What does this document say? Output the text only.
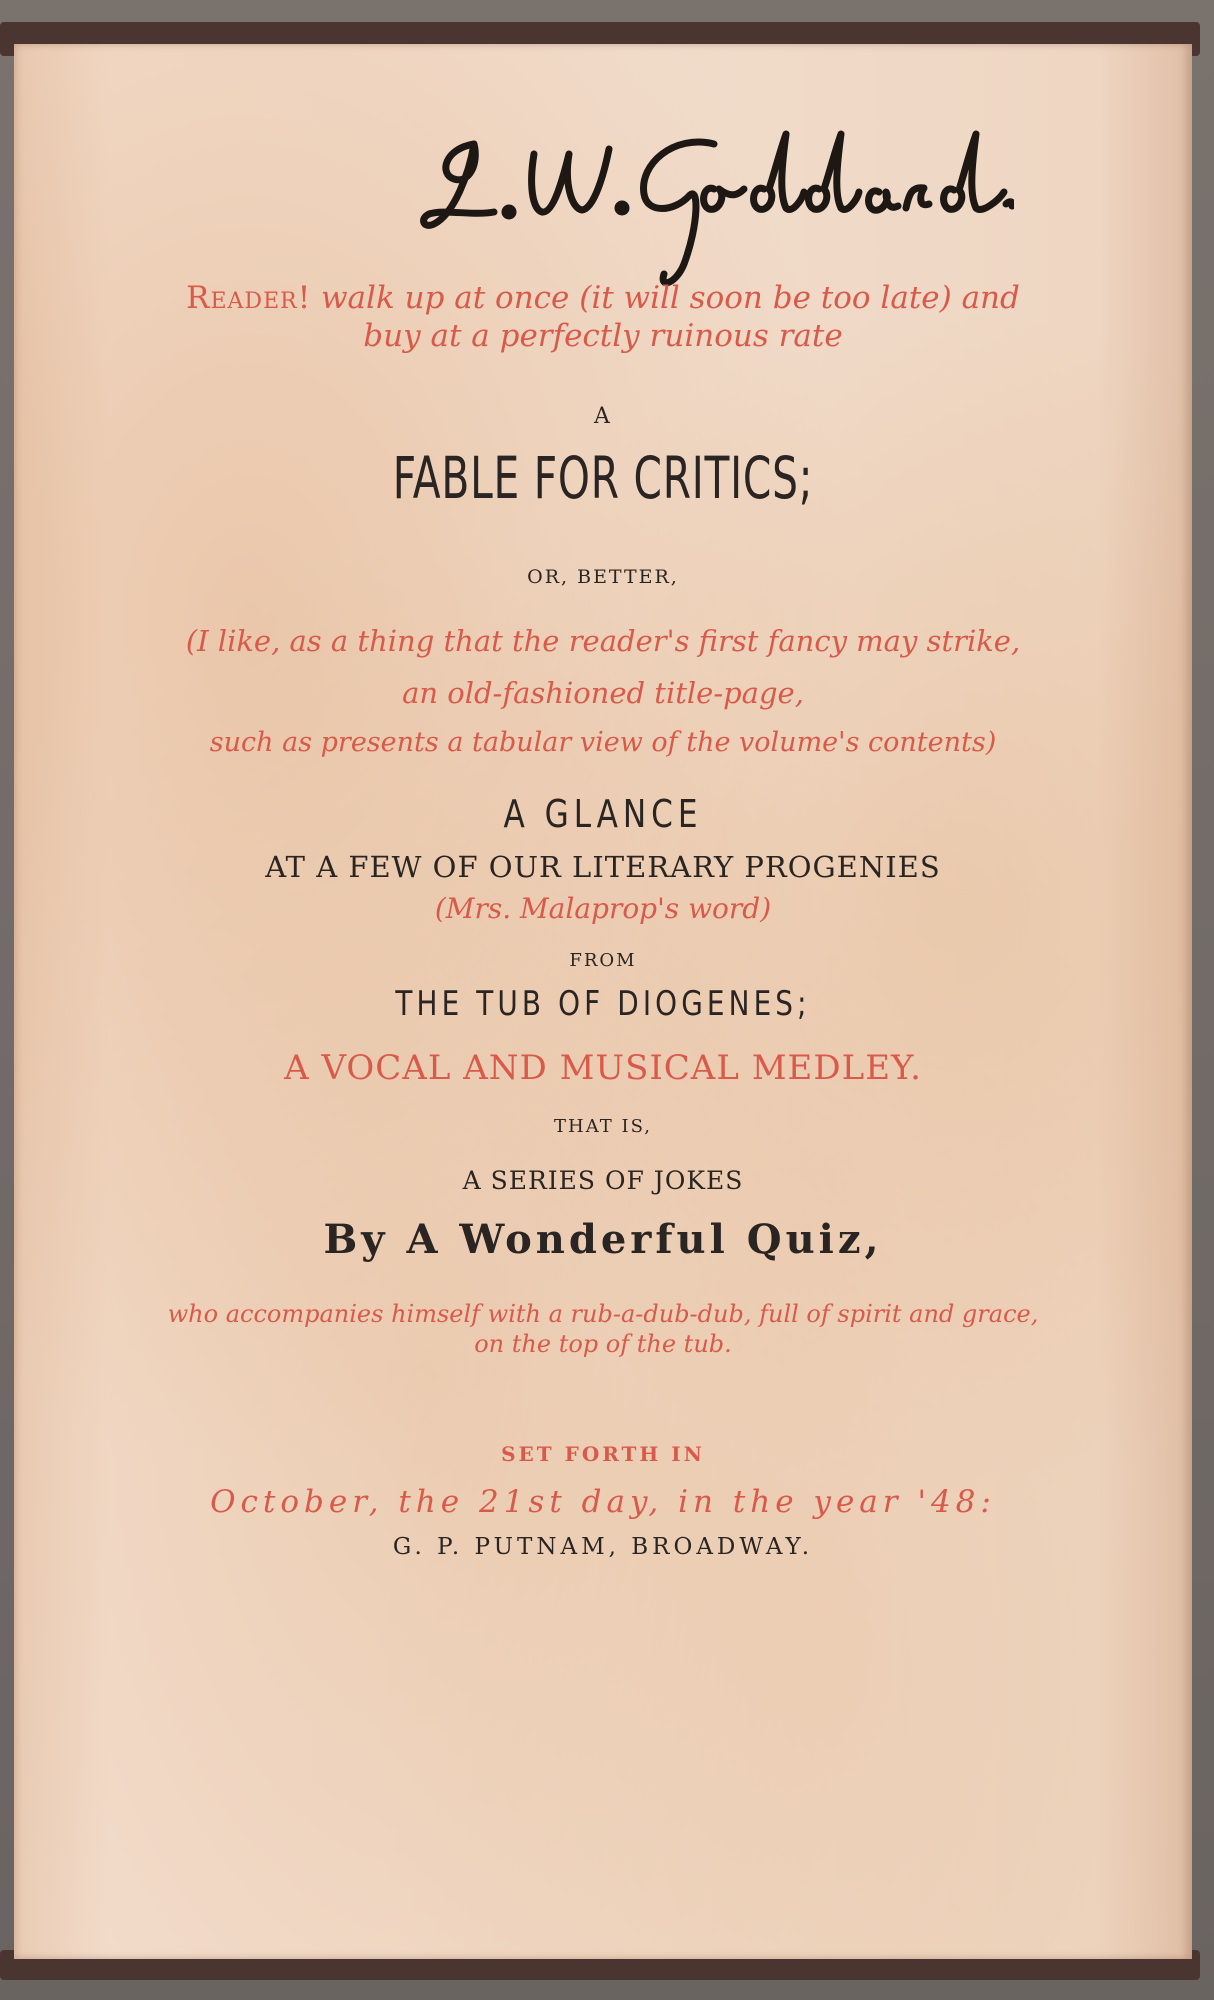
Reader! walk up at once (it will soon be too late) and
buy at a perfectly ruinous rate
A
FABLE FOR CRITICS;
OR, BETTER,
(I like, as a thing that the reader's first fancy may strike,
an old-fashioned title-page,
such as presents a tabular view of the volume's contents)
A GLANCE
AT A FEW OF OUR LITERARY PROGENIES
(Mrs. Malaprop's word)
FROM
THE TUB OF DIOGENES;
A VOCAL AND MUSICAL MEDLEY.
THAT IS,
A SERIES OF JOKES
By A Wonderful Quiz,
who accompanies himself with a rub-a-dub-dub, full of spirit and grace,
on the top of the tub.
SET FORTH IN
October, the 21st day, in the year '48:
G. P. PUTNAM, BROADWAY.
